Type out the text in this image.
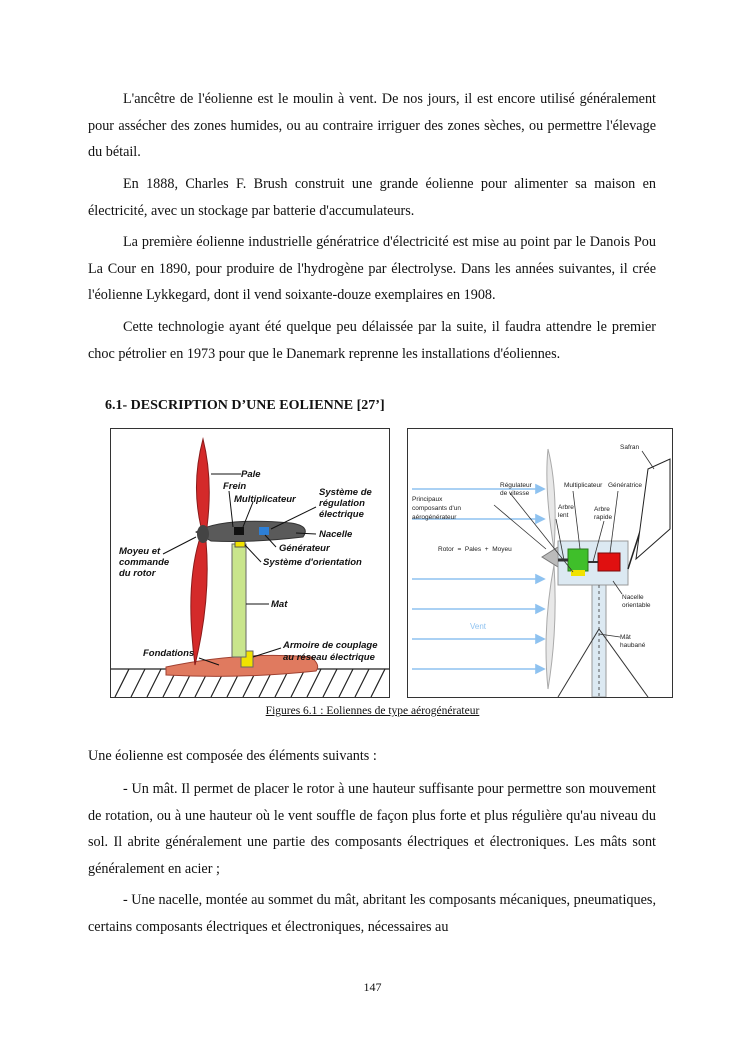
L'ancêtre de l'éolienne est le moulin à vent. De nos jours, il est encore utilisé généralement pour assécher des zones humides, ou au contraire irriguer des zones sèches, ou permettre l'élevage du bétail.

En 1888, Charles F. Brush construit une grande éolienne pour alimenter sa maison en électricité, avec un stockage par batterie d'accumulateurs.

La première éolienne industrielle génératrice d'électricité est mise au point par le Danois Pou La Cour en 1890, pour produire de l'hydrogène par électrolyse. Dans les années suivantes, il crée l'éolienne Lykkegard, dont il vend soixante-douze exemplaires en 1908.

Cette technologie ayant été quelque peu délaissée par la suite, il faudra attendre le premier choc pétrolier en 1973 pour que le Danemark reprenne les installations d'éoliennes.

6.1- DESCRIPTION D’UNE EOLIENNE [27’]
Pale
Frein
Multiplicateur
Système de
régulation
électrique
Nacelle
Générateur
Système d'orientation
Moyeu et
commande
du rotor
Mat
Armoire de couplage
au réseau électrique
Fondations
Safran
Régulateur
de vitesse
Multiplicateur Génératrice
Principaux
composants d'un
aérogénérateur
Arbre
lent
Arbre
rapide
Rotor  =  Pales  +  Moyeu
Nacelle
orientable
Mât
haubané
Vent

Figures 6.1 : Eoliennes de type aérogénérateur

Une éolienne est composée des éléments suivants :

- Un mât. Il permet de placer le rotor à une hauteur suffisante pour permettre son mouvement de rotation, ou à une hauteur où le vent souffle de façon plus forte et plus régulière qu'au niveau du sol. Il abrite généralement une partie des composants électriques et électroniques. Les mâts sont généralement en acier ;

- Une nacelle, montée au sommet du mât, abritant les composants mécaniques, pneumatiques, certains composants électriques et électroniques, nécessaires au

147
